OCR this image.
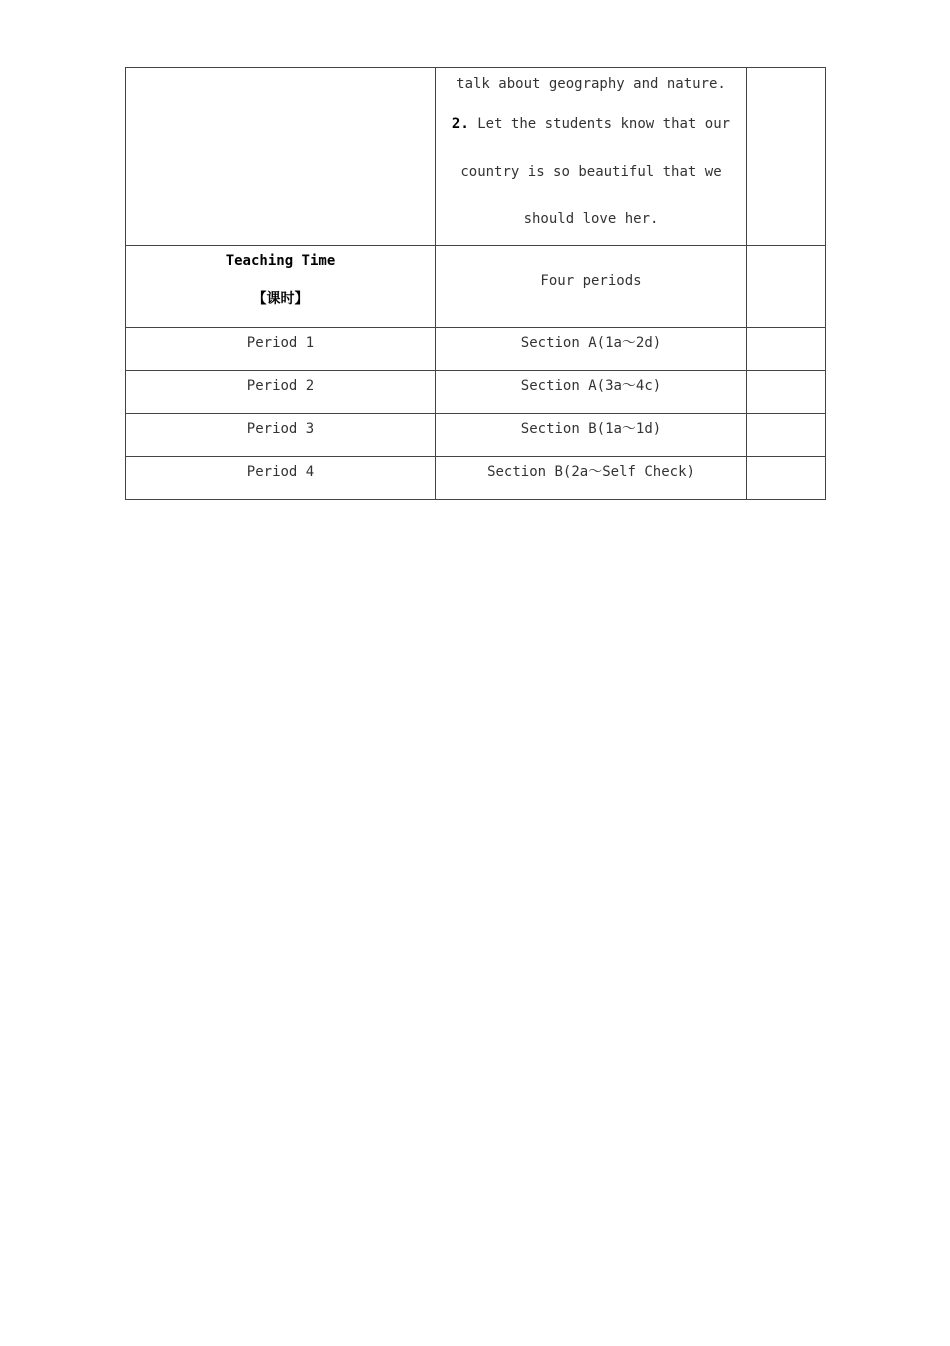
	talk about geography and nature.
2. Let the students know that our
country is so beautiful that we
should love her.	

Teaching Time
【课时】	Four periods	

Period 1	Section A(1a～2d)	

Period 2	Section A(3a～4c)	

Period 3	Section B(1a～1d)	

Period 4	Section B(2a～Self Check)	
